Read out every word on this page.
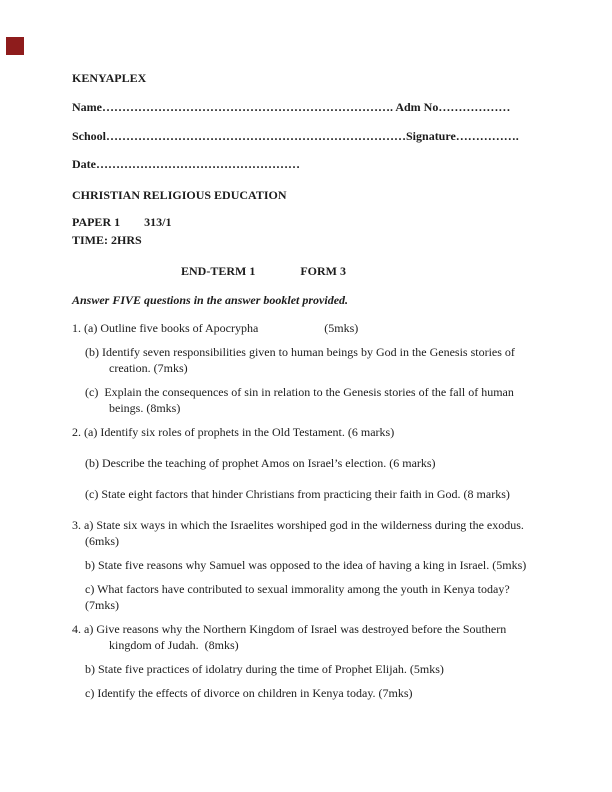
KENYAPLEX
Name………………………………………………………………. Adm No………………
School…………………………………………………………………Signature…………….
Date……………………………………………
CHRISTIAN RELIGIOUS EDUCATION
PAPER 1        313/1
TIME: 2HRS
END-TERM 1               FORM 3
Answer FIVE questions in the answer booklet provided.
1. (a) Outline five books of Apocrypha                      (5mks)
(b) Identify seven responsibilities given to human beings by God in the Genesis stories of
creation. (7mks)
(c)  Explain the consequences of sin in relation to the Genesis stories of the fall of human
beings. (8mks)
2. (a) Identify six roles of prophets in the Old Testament. (6 marks)
(b) Describe the teaching of prophet Amos on Israel’s election. (6 marks)
(c) State eight factors that hinder Christians from practicing their faith in God. (8 marks)
3. a) State six ways in which the Israelites worshiped god in the wilderness during the exodus.
(6mks)
b) State five reasons why Samuel was opposed to the idea of having a king in Israel. (5mks)
c) What factors have contributed to sexual immorality among the youth in Kenya today?
(7mks)
4. a) Give reasons why the Northern Kingdom of Israel was destroyed before the Southern
kingdom of Judah.  (8mks)
b) State five practices of idolatry during the time of Prophet Elijah. (5mks)
c) Identify the effects of divorce on children in Kenya today. (7mks)
